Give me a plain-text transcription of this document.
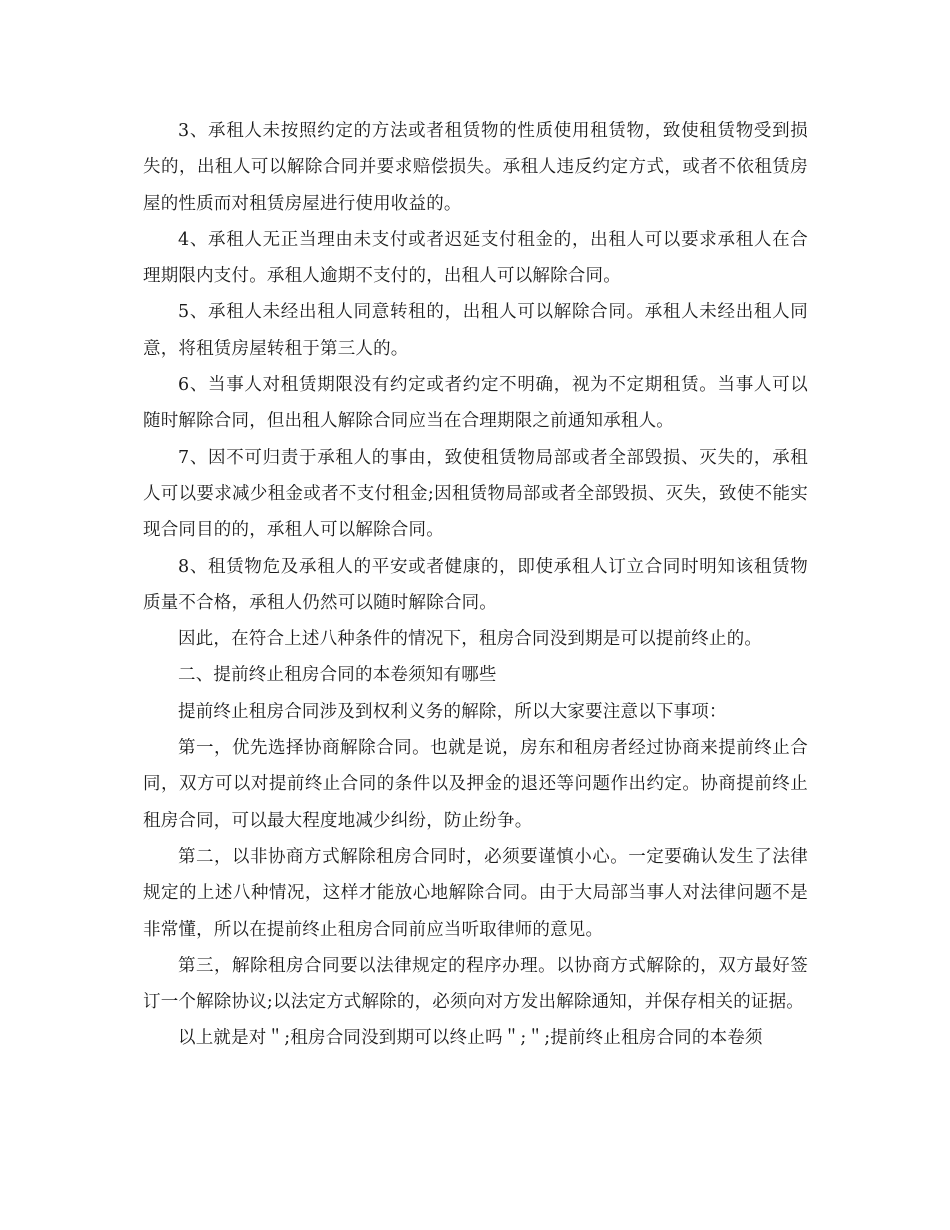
3、承租人未按照约定的方法或者租赁物的性质使用租赁物，致使租赁物受到损失的，出租人可以解除合同并要求赔偿损失。承租人违反约定方式，或者不依租赁房屋的性质而对租赁房屋进行使用收益的。

4、承租人无正当理由未支付或者迟延支付租金的，出租人可以要求承租人在合理期限内支付。承租人逾期不支付的，出租人可以解除合同。

5、承租人未经出租人同意转租的，出租人可以解除合同。承租人未经出租人同意，将租赁房屋转租于第三人的。

6、当事人对租赁期限没有约定或者约定不明确，视为不定期租赁。当事人可以随时解除合同，但出租人解除合同应当在合理期限之前通知承租人。

7、因不可归责于承租人的事由，致使租赁物局部或者全部毁损、灭失的，承租人可以要求减少租金或者不支付租金;因租赁物局部或者全部毁损、灭失，致使不能实现合同目的的，承租人可以解除合同。

8、租赁物危及承租人的平安或者健康的，即使承租人订立合同时明知该租赁物质量不合格，承租人仍然可以随时解除合同。

因此，在符合上述八种条件的情况下，租房合同没到期是可以提前终止的。

二、提前终止租房合同的本卷须知有哪些

提前终止租房合同涉及到权利义务的解除，所以大家要注意以下事项：

第一，优先选择协商解除合同。也就是说，房东和租房者经过协商来提前终止合同，双方可以对提前终止合同的条件以及押金的退还等问题作出约定。协商提前终止租房合同，可以最大程度地减少纠纷，防止纷争。

第二，以非协商方式解除租房合同时，必须要谨慎小心。一定要确认发生了法律规定的上述八种情况，这样才能放心地解除合同。由于大局部当事人对法律问题不是非常懂，所以在提前终止租房合同前应当听取律师的意见。

第三，解除租房合同要以法律规定的程序办理。以协商方式解除的，双方最好签订一个解除协议;以法定方式解除的，必须向对方发出解除通知，并保存相关的证据。

以上就是对＂;租房合同没到期可以终止吗＂;＂;提前终止租房合同的本卷须
